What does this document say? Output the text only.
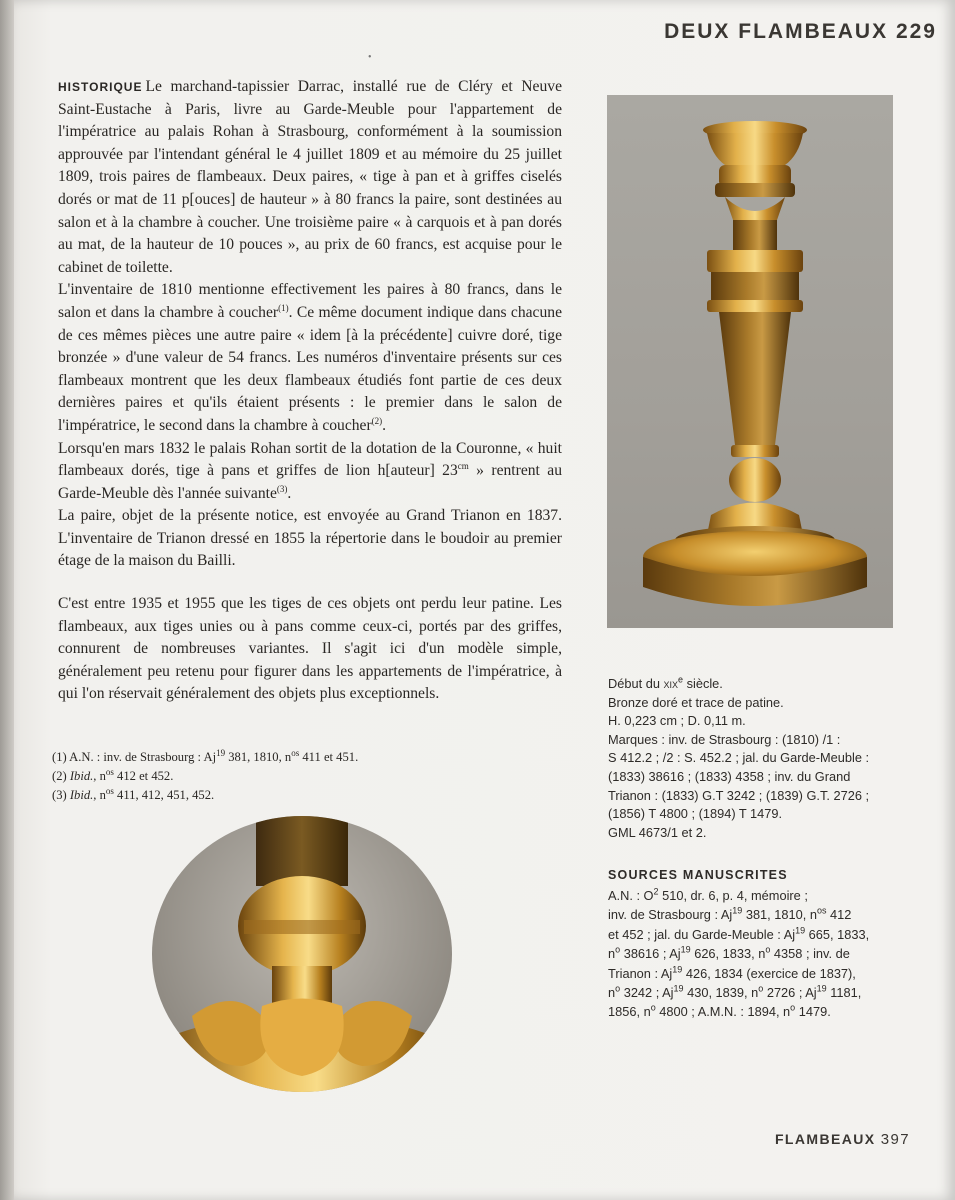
DEUX FLAMBEAUX 229
•

HISTORIQUE Le marchand-tapissier Darrac, installé rue de Cléry et Neuve Saint-Eustache à Paris, livre au Garde-Meuble pour l'appartement de l'impératrice au palais Rohan à Strasbourg, conformément à la soumission approuvée par l'intendant général le 4 juillet 1809 et au mémoire du 25 juillet 1809, trois paires de flambeaux. Deux paires, « tige à pan et à griffes ciselés dorés or mat de 11 p[ouces] de hauteur » à 80 francs la paire, sont destinées au salon et à la chambre à coucher. Une troisième paire « à carquois et à pan dorés au mat, de la hauteur de 10 pouces », au prix de 60 francs, est acquise pour le cabinet de toilette.

L'inventaire de 1810 mentionne effectivement les paires à 80 francs, dans le salon et dans la chambre à coucher$^{(1)}$. Ce même document indique dans chacune de ces mêmes pièces une autre paire « idem [à la précédente] cuivre doré, tige bronzée » d'une valeur de 54 francs. Les numéros d'inventaire présents sur ces flambeaux montrent que les deux flambeaux étudiés font partie de ces deux dernières paires et qu'ils étaient présents : le premier dans le salon de l'impératrice, le second dans la chambre à coucher$^{(2)}$.

Lorsqu'en mars 1832 le palais Rohan sortit de la dotation de la Couronne, « huit flambeaux dorés, tige à pans et griffes de lion h[auteur] $23^{cm}$ » rentrent au Garde-Meuble dès l'année suivante$^{(3)}$.

La paire, objet de la présente notice, est envoyée au Grand Trianon en 1837. L'inventaire de Trianon dressé en 1855 la répertorie dans le boudoir au premier étage de la maison du Bailli.

C'est entre 1935 et 1955 que les tiges de ces objets ont perdu leur patine. Les flambeaux, aux tiges unies ou à pans comme ceux-ci, portés par des griffes, connurent de nombreuses variantes. Il s'agit ici d'un modèle simple, généralement peu retenu pour figurer dans les appartements de l'impératrice, à qui l'on réservait généralement des objets plus exceptionnels.

(1) A.N. : inv. de Strasbourg : Aj$^{19}$ 381, 1810, $n^{os}$ 411 et 451.
(2) Ibid., $n^{os}$ 412 et 452.
(3) Ibid., $n^{os}$ 411, 412, 451, 452.
Début du xix$^e$ siècle.
Bronze doré et trace de patine.
H. 0,223 cm ; D. 0,11 m.
Marques : inv. de Strasbourg : (1810) /1 :
S 412.2 ; /2 : S. 452.2 ; jal. du Garde-Meuble :
(1833) 38616 ; (1833) 4358 ; inv. du Grand
Trianon : (1833) G.T 3242 ; (1839) G.T. 2726 ;
(1856) T 4800 ; (1894) T 1479.
GML 4673/1 et 2.
SOURCES MANUSCRITES
A.N. : $O^2$ 510, dr. 6, p. 4, mémoire ;
inv. de Strasbourg : Aj$^{19}$ 381, 1810, $n^{os}$ 412
et 452 ; jal. du Garde-Meuble : Aj$^{19}$ 665, 1833,
$n^o$ 38616 ; Aj$^{19}$ 626, 1833, $n^o$ 4358 ; inv. de
Trianon : Aj$^{19}$ 426, 1834 (exercice de 1837),
$n^o$ 3242 ; Aj$^{19}$ 430, 1839, $n^o$ 2726 ; Aj$^{19}$ 1181,
1856, $n^o$ 4800 ; A.M.N. : 1894, $n^o$ 1479.
FLAMBEAUX 397
